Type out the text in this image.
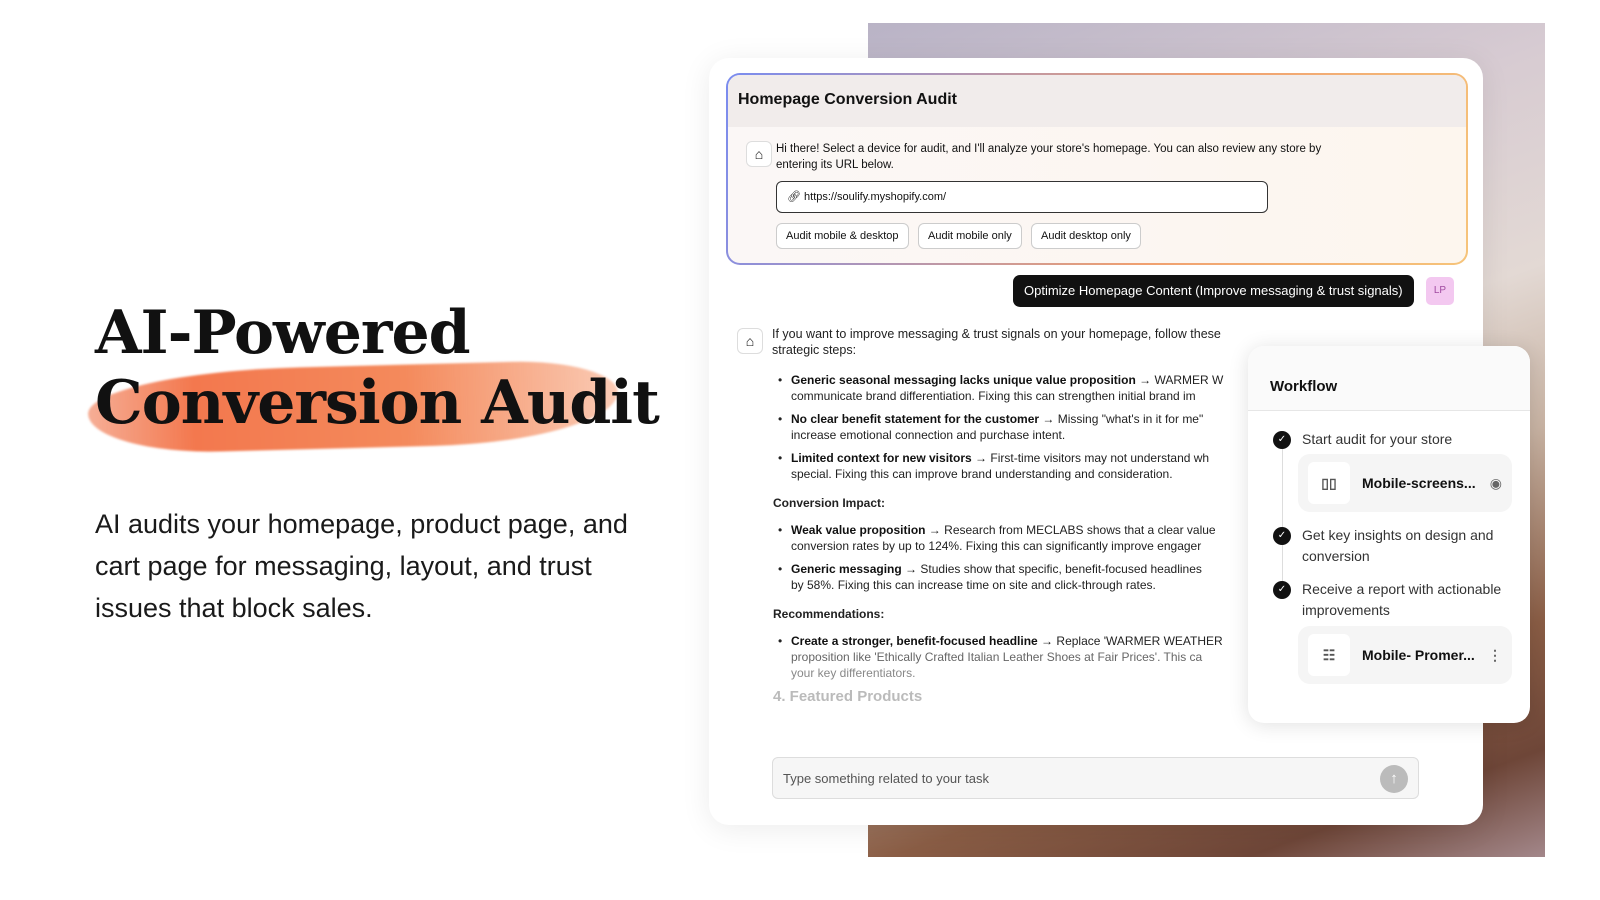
AI-Powered
Conversion Audit
AI audits your homepage, product page, and cart page for messaging, layout, and trust issues that block sales.
Homepage Conversion Audit
⌂	Hi there! Select a device for audit, and I'll analyze your store's homepage. You can also review any store by entering its URL below.
🔗︎ https://soulify.myshopify.com/
Audit mobile & desktop	Audit mobile only	Audit desktop only
Optimize Homepage Content (Improve messaging & trust signals)	LP
⌂	If you want to improve messaging & trust signals on your homepage, follow these strategic steps:
• Generic seasonal messaging lacks unique value proposition → WARMER W
communicate brand differentiation. Fixing this can strengthen initial brand im
• No clear benefit statement for the customer → Missing "what's in it for me"
increase emotional connection and purchase intent.
• Limited context for new visitors → First-time visitors may not understand wh
special. Fixing this can improve brand understanding and consideration.
Conversion Impact:
• Weak value proposition → Research from MECLABS shows that a clear value
conversion rates by up to 124%. Fixing this can significantly improve engager
• Generic messaging → Studies show that specific, benefit-focused headlines
by 58%. Fixing this can increase time on site and click-through rates.
Recommendations:
• Create a stronger, benefit-focused headline → Replace 'WARMER WEATHER
proposition like 'Ethically Crafted Italian Leather Shoes at Fair Prices'. This ca
your key differentiators.
4. Featured Products
Workflow
✓	Start audit for your store
▯▯	Mobile-screens... ◉
✓	Get key insights on design and conversion
✓	Receive a report with actionable improvements
☷	Mobile- Promer... ⋮
Type something related to your task	↑
